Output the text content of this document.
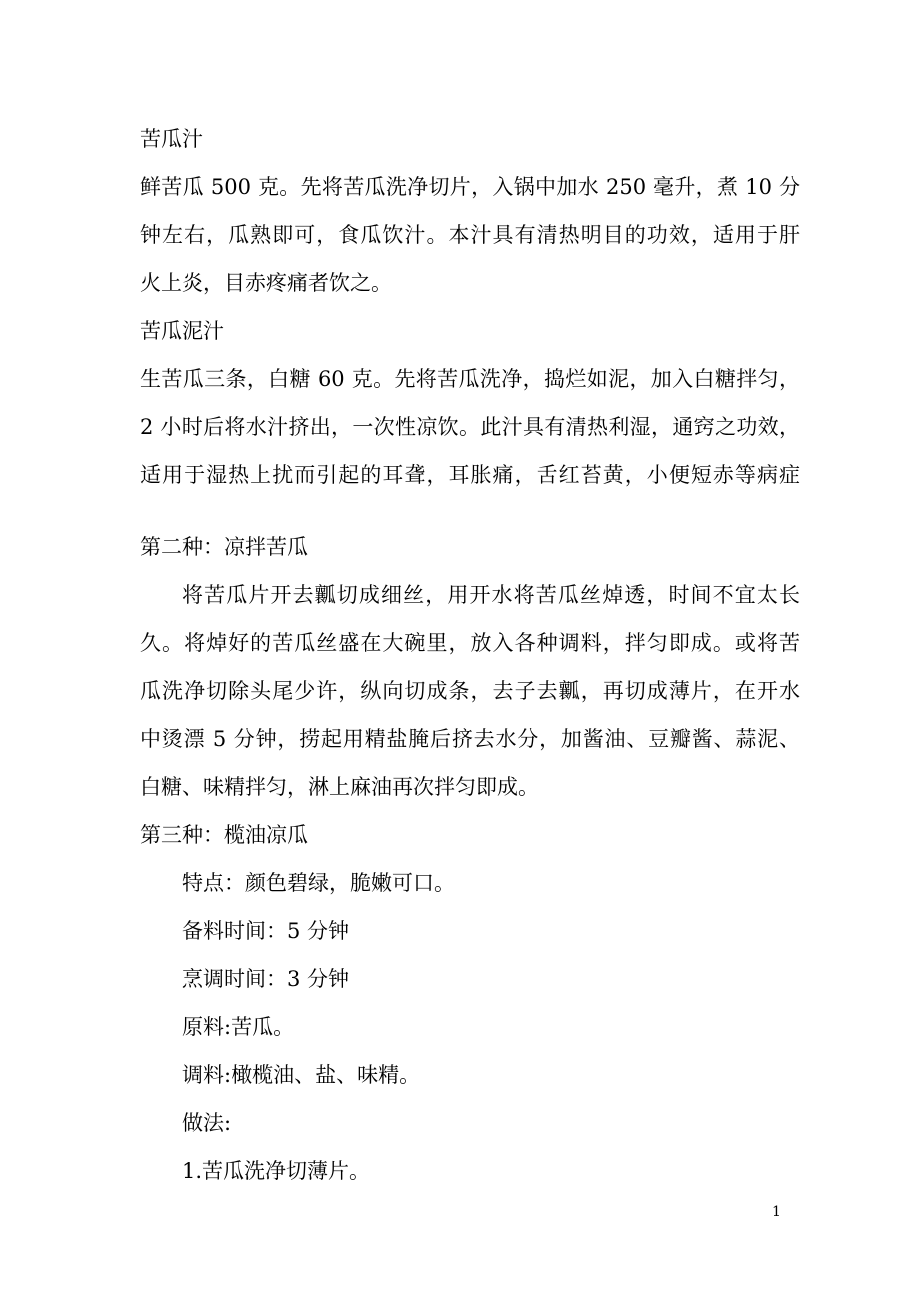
苦瓜汁
鲜苦瓜 500 克。先将苦瓜洗净切片，入锅中加水 250 毫升，煮 10 分
钟左右，瓜熟即可，食瓜饮汁。本汁具有清热明目的功效，适用于肝
火上炎，目赤疼痛者饮之。
苦瓜泥汁
生苦瓜三条，白糖 60 克。先将苦瓜洗净，捣烂如泥，加入白糖拌匀，
2 小时后将水汁挤出，一次性凉饮。此汁具有清热利湿，通窍之功效，
适用于湿热上扰而引起的耳聋，耳胀痛，舌红苔黄，小便短赤等病症
第二种：凉拌苦瓜
将苦瓜片开去瓤切成细丝，用开水将苦瓜丝焯透，时间不宜太长
久。将焯好的苦瓜丝盛在大碗里，放入各种调料，拌匀即成。或将苦
瓜洗净切除头尾少许，纵向切成条，去子去瓤，再切成薄片，在开水
中烫漂 5 分钟，捞起用精盐腌后挤去水分，加酱油、豆瓣酱、蒜泥、
白糖、味精拌匀，淋上麻油再次拌匀即成。
第三种：榄油凉瓜
特点：颜色碧绿，脆嫩可口。
备料时间：5 分钟
烹调时间：3 分钟
原料:苦瓜。
调料:橄榄油、盐、味精。
做法:
1.苦瓜洗净切薄片。
1
